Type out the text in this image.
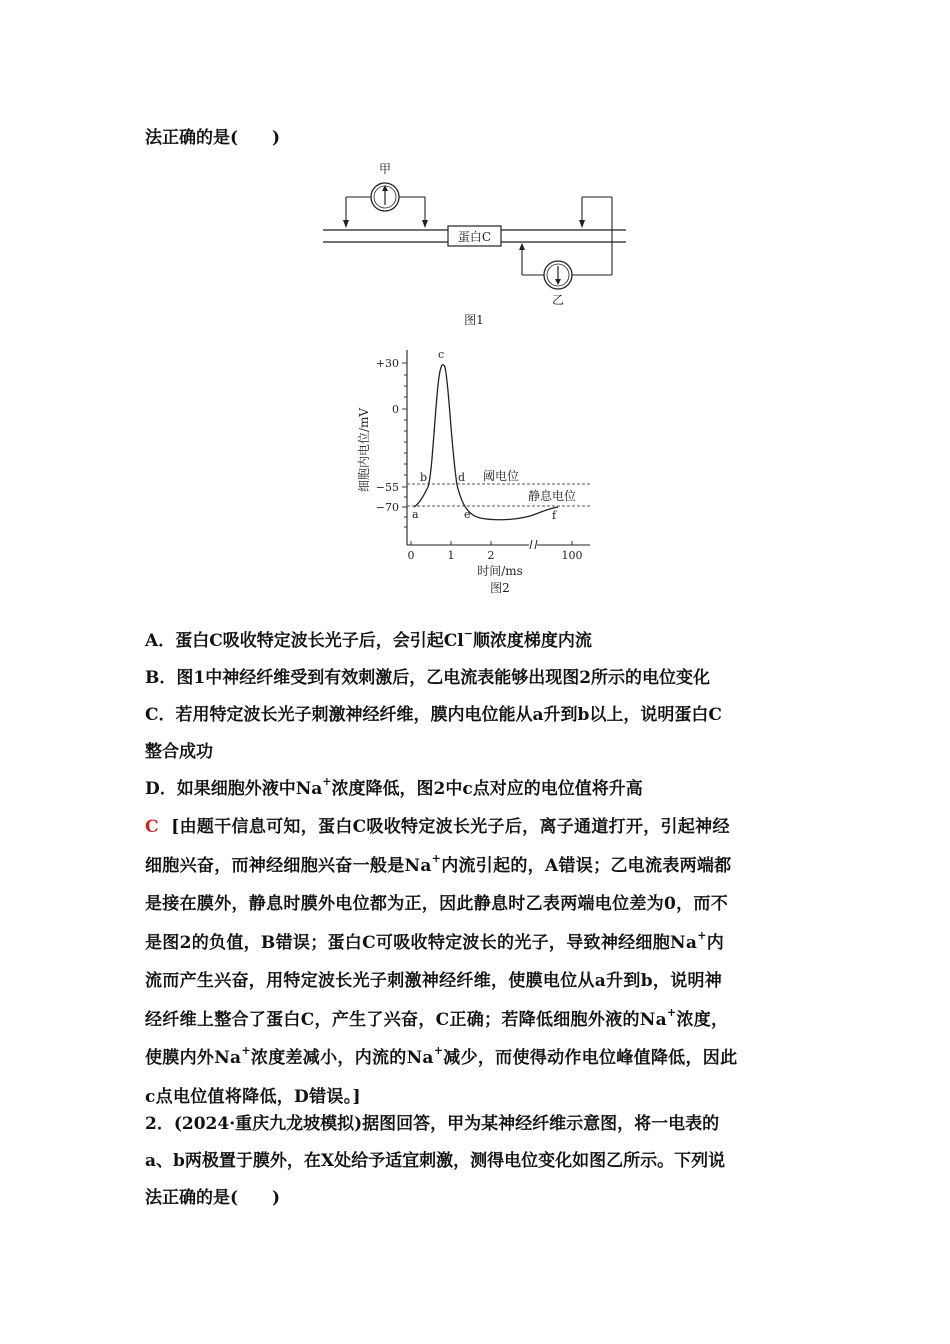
法正确的是(　　)
蛋白C
甲
乙
图1
+30
0
−55
−70
细胞内电位/mV
0	1	2	100
时间/ms
图2
阈电位
静息电位
a
b
c
d
e	f
A．蛋白C吸收特定波长光子后，会引起Cl−顺浓度梯度内流
B．图1中神经纤维受到有效刺激后，乙电流表能够出现图2所示的电位变化
C．若用特定波长光子刺激神经纤维，膜内电位能从a升到b以上，说明蛋白C
整合成功
D．如果细胞外液中Na+浓度降低，图2中c点对应的电位值将升高
C [由题干信息可知，蛋白C吸收特定波长光子后，离子通道打开，引起神经
细胞兴奋，而神经细胞兴奋一般是Na+内流引起的，A错误；乙电流表两端都
是接在膜外，静息时膜外电位都为正，因此静息时乙表两端电位差为0，而不
是图2的负值，B错误；蛋白C可吸收特定波长的光子，导致神经细胞Na+内
流而产生兴奋，用特定波长光子刺激神经纤维，使膜电位从a升到b，说明神
经纤维上整合了蛋白C，产生了兴奋，C正确；若降低细胞外液的Na+浓度，
使膜内外Na+浓度差减小，内流的Na+减少，而使得动作电位峰值降低，因此
c点电位值将降低，D错误。]
2．(2024·重庆九龙坡模拟)据图回答，甲为某神经纤维示意图，将一电表的
a、b两极置于膜外，在X处给予适宜刺激，测得电位变化如图乙所示。下列说
法正确的是(　　)
